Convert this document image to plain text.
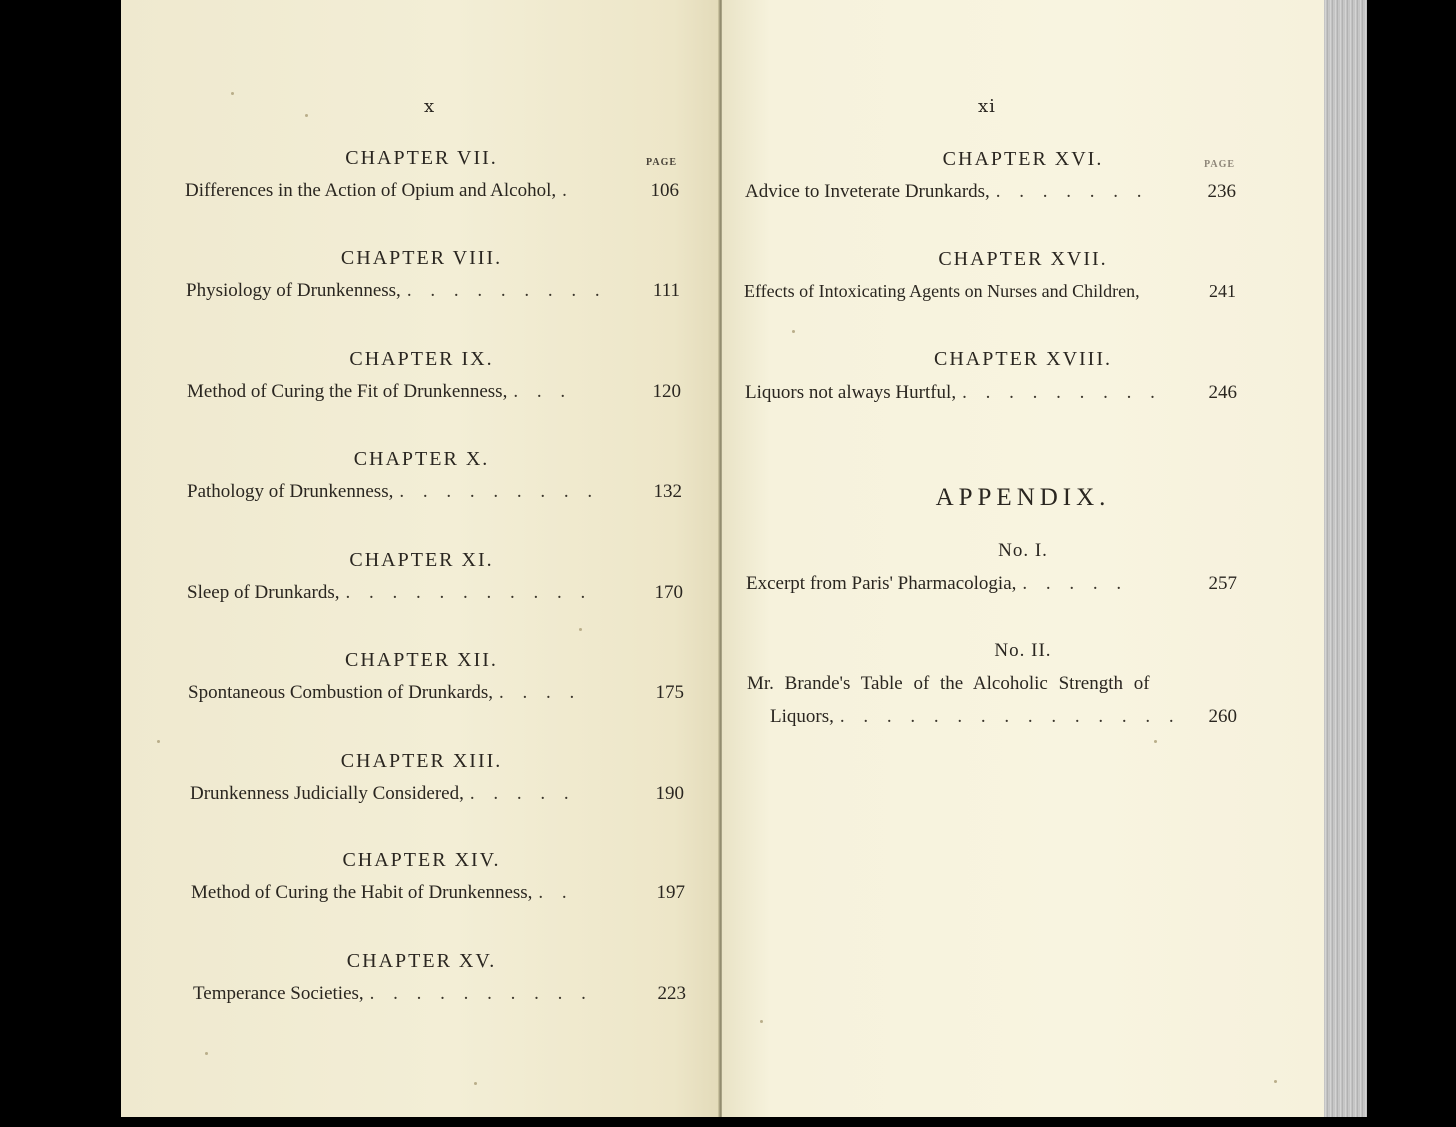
x
PAGE
CHAPTER VII.
Differences in the Action of Opium and Alcohol, .	106
CHAPTER VIII.
Physiology of Drunkenness, . . . . . . . . .	111
CHAPTER IX.
Method of Curing the Fit of Drunkenness, . . .	120
CHAPTER X.
Pathology of Drunkenness, . . . . . . . . .	132
CHAPTER XI.
Sleep of Drunkards, . . . . . . . . . . .	170
CHAPTER XII.
Spontaneous Combustion of Drunkards, . . . .	175
CHAPTER XIII.
Drunkenness Judicially Considered, . . . . .	190
CHAPTER XIV.
Method of Curing the Habit of Drunkenness, . .	197
CHAPTER XV.
Temperance Societies, . . . . . . . . . .	223
xi
PAGE
CHAPTER XVI.
Advice to Inveterate Drunkards, . . . . . . .	236
CHAPTER XVII.
Effects of Intoxicating Agents on Nurses and Children,	241
CHAPTER XVIII.
Liquors not always Hurtful, . . . . . . . . .	246
APPENDIX.
No. I.
Excerpt from Paris' Pharmacologia, . . . . .	257
No. II.
Mr. Brande's Table of the Alcoholic Strength of
Liquors, . . . . . . . . . . . . . . .	260
